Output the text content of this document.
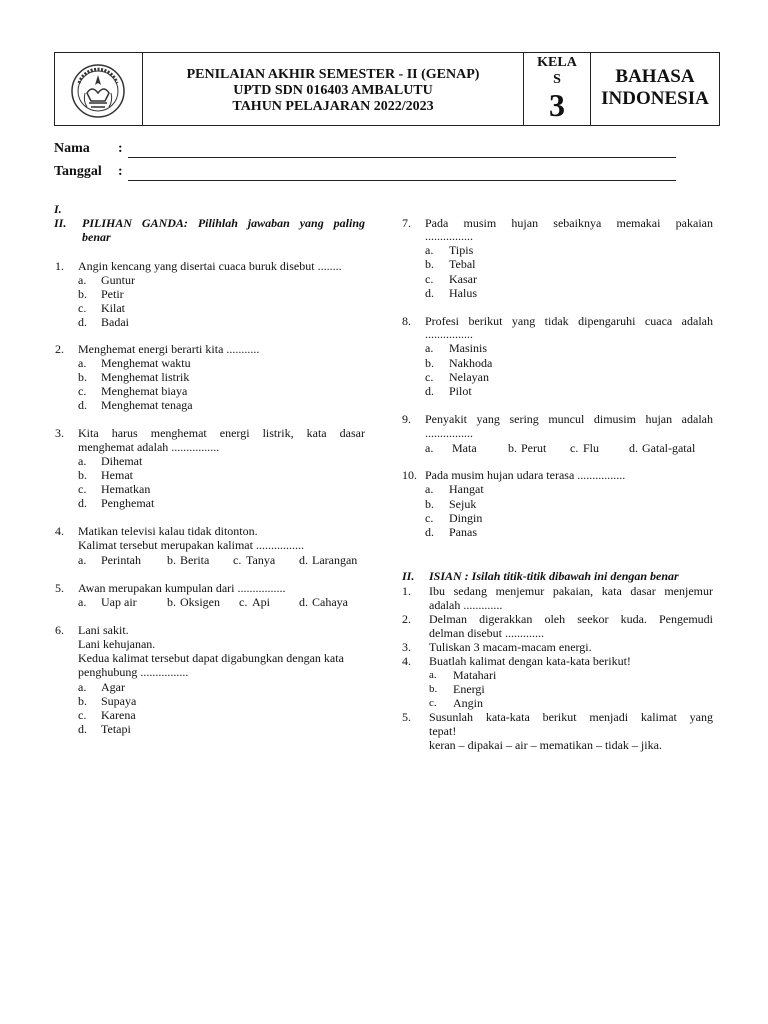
PENILAIAN AKHIR SEMESTER - II (GENAP)
UPTD SDN 016403 AMBALUTU
TAHUN PELAJARAN 2022/2023
KELA
S
3
BAHASA
INDONESIA
Nama :
Tanggal :
I.
II. PILIHAN GANDA: Pilihlah jawaban yang paling
benar
1. Angin kencang yang disertai cuaca buruk disebut ........
a. Guntur
b. Petir
c. Kilat
d. Badai
2. Menghemat energi berarti kita ...........
a. Menghemat waktu
b. Menghemat listrik
c. Menghemat biaya
d. Menghemat tenaga
3. Kita harus menghemat energi listrik, kata dasar
menghemat adalah ................
a. Dihemat
b. Hemat
c. Hematkan
d. Penghemat
4. Matikan televisi kalau tidak ditonton.
Kalimat tersebut merupakan kalimat ................
a. Perintah b. Berita c. Tanya d. Larangan
5. Awan merupakan kumpulan dari ................
a. Uap air	b. Oksigen c. Api d. Cahaya
6. Lani sakit.
Lani kehujanan.
Kedua kalimat tersebut dapat digabungkan dengan kata
penghubung ................
a. Agar
b. Supaya
c. Karena
d. Tetapi
7. Pada musim hujan sebaiknya memakai pakaian
................
a. Tipis
b. Tebal
c. Kasar
d. Halus
8. Profesi berikut yang tidak dipengaruhi cuaca adalah
................
a. Masinis
b. Nakhoda
c. Nelayan
d. Pilot
9. Penyakit yang sering muncul dimusim hujan adalah
................
a. Mata	b. Perut c. Flu d. Gatal-gatal
10. Pada musim hujan udara terasa ................
a. Hangat
b. Sejuk
c. Dingin
d. Panas
II. ISIAN : Isilah titik-titik dibawah ini dengan benar
1. Ibu sedang menjemur pakaian, kata dasar menjemur
adalah .............
2. Delman digerakkan oleh seekor kuda. Pengemudi
delman disebut .............
3. Tuliskan 3 macam-macam energi.
4. Buatlah kalimat dengan kata-kata berikut!
a. Matahari
b. Energi
c. Angin
5. Susunlah kata-kata berikut menjadi kalimat yang
tepat!
keran – dipakai – air – mematikan – tidak – jika.
